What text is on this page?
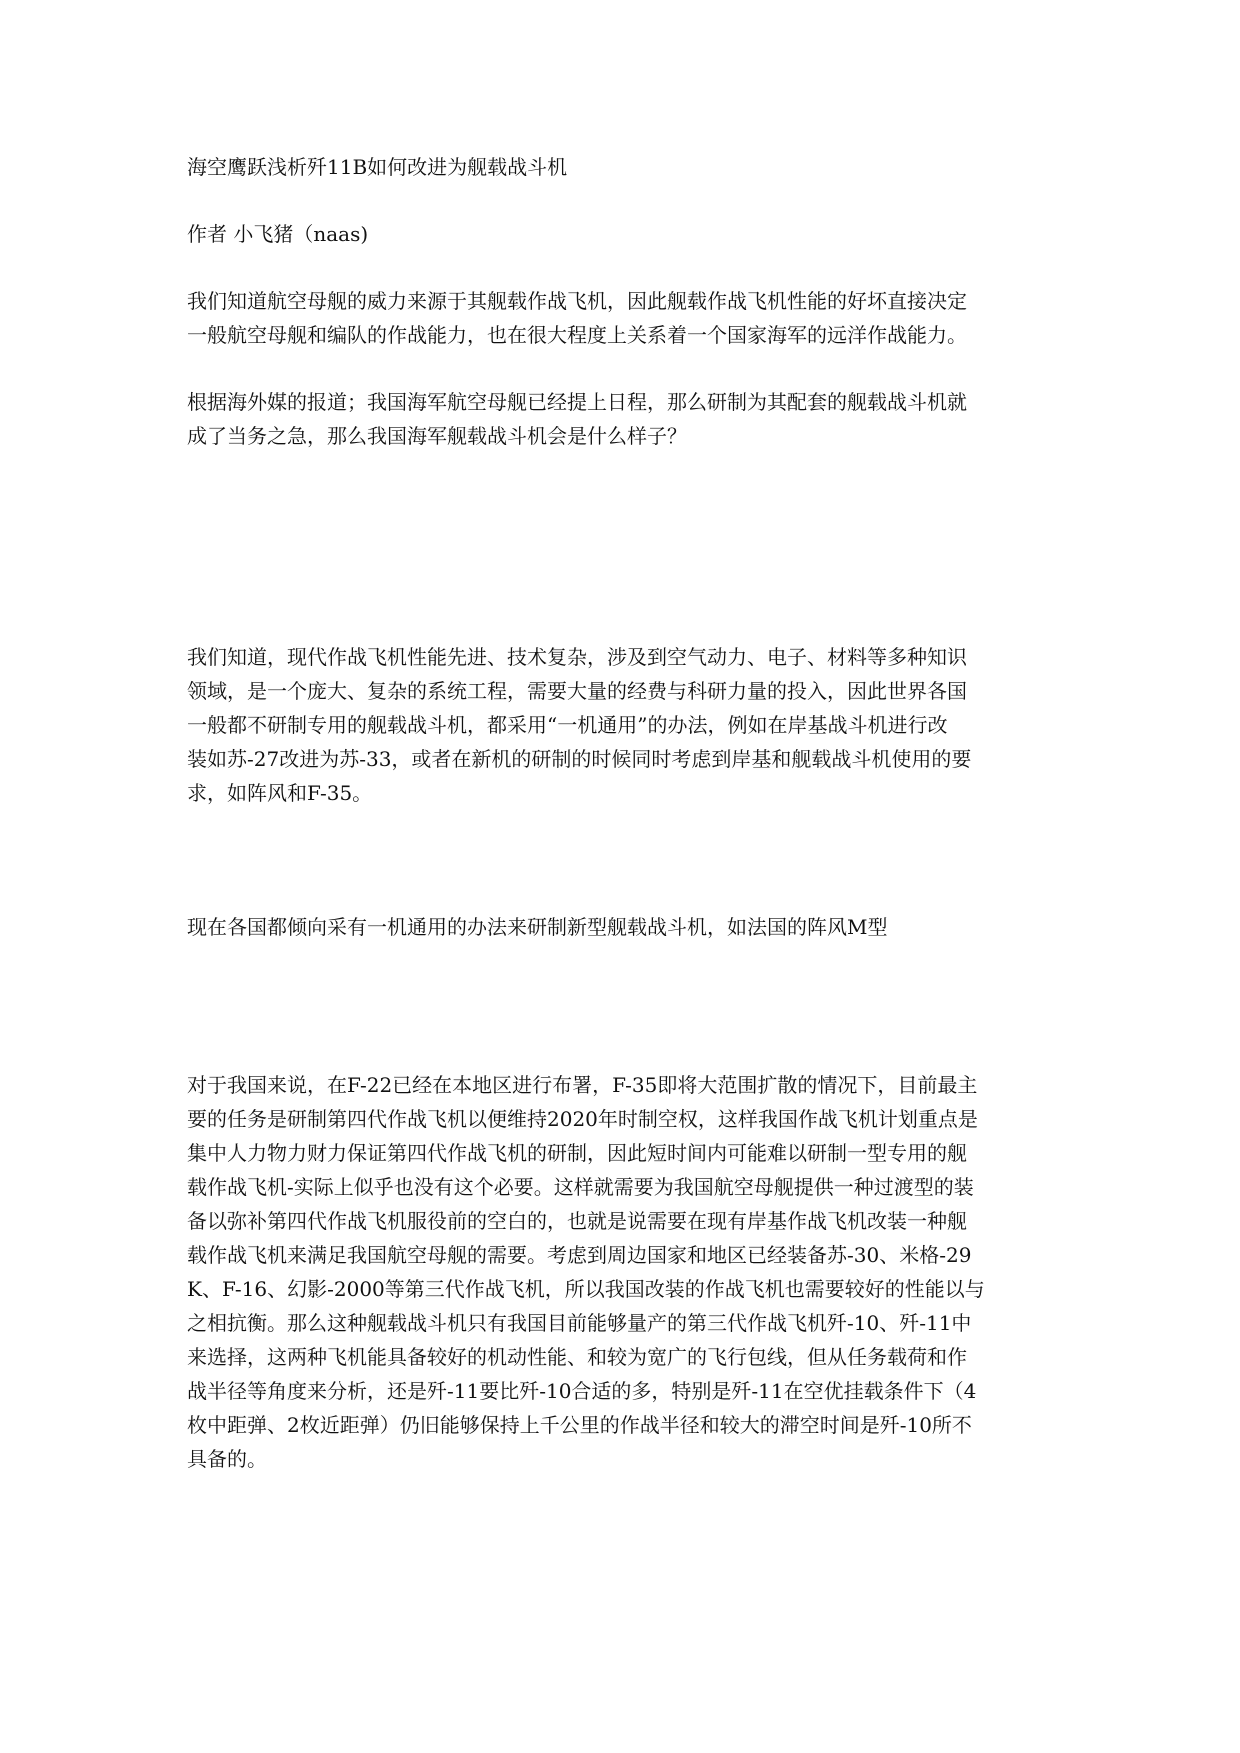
海空鹰跃浅析歼11B如何改进为舰载战斗机

作者 小飞猪（naas)

我们知道航空母舰的威力来源于其舰载作战飞机，因此舰载作战飞机性能的好坏直接决定
一般航空母舰和编队的作战能力，也在很大程度上关系着一个国家海军的远洋作战能力。

根据海外媒的报道；我国海军航空母舰已经提上日程，那么研制为其配套的舰载战斗机就
成了当务之急，那么我国海军舰载战斗机会是什么样子？

我们知道，现代作战飞机性能先进、技术复杂，涉及到空气动力、电子、材料等多种知识
领域，是一个庞大、复杂的系统工程，需要大量的经费与科研力量的投入，因此世界各国
一般都不研制专用的舰载战斗机，都采用“一机通用”的办法，例如在岸基战斗机进行改
装如苏-27改进为苏-33，或者在新机的研制的时候同时考虑到岸基和舰载战斗机使用的要
求，如阵风和F-35。

现在各国都倾向采有一机通用的办法来研制新型舰载战斗机，如法国的阵风M型

对于我国来说，在F-22已经在本地区进行布署，F-35即将大范围扩散的情况下，目前最主
要的任务是研制第四代作战飞机以便维持2020年时制空权，这样我国作战飞机计划重点是
集中人力物力财力保证第四代作战飞机的研制，因此短时间内可能难以研制一型专用的舰
载作战飞机-实际上似乎也没有这个必要。这样就需要为我国航空母舰提供一种过渡型的装
备以弥补第四代作战飞机服役前的空白的，也就是说需要在现有岸基作战飞机改装一种舰
载作战飞机来满足我国航空母舰的需要。考虑到周边国家和地区已经装备苏-30、米格-29
K、F-16、幻影-2000等第三代作战飞机，所以我国改装的作战飞机也需要较好的性能以与
之相抗衡。那么这种舰载战斗机只有我国目前能够量产的第三代作战飞机歼-10、歼-11中
来选择，这两种飞机能具备较好的机动性能、和较为宽广的飞行包线，但从任务载荷和作
战半径等角度来分析，还是歼-11要比歼-10合适的多，特别是歼-11在空优挂载条件下（4
枚中距弹、2枚近距弹）仍旧能够保持上千公里的作战半径和较大的滞空时间是歼-10所不
具备的。
